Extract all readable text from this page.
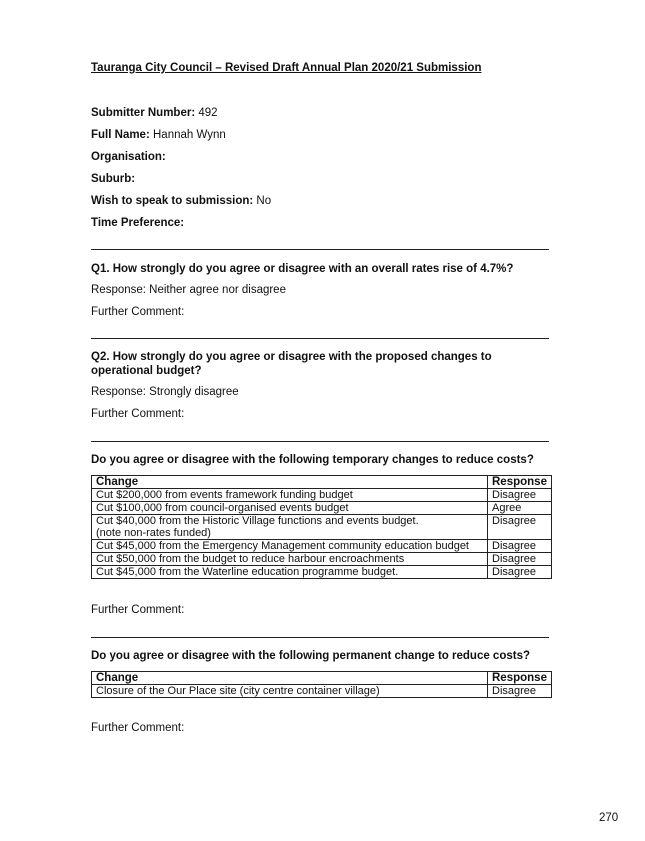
Tauranga City Council – Revised Draft Annual Plan 2020/21 Submission
Submitter Number: 492
Full Name: Hannah Wynn
Organisation:
Suburb:
Wish to speak to submission: No
Time Preference:
Q1. How strongly do you agree or disagree with an overall rates rise of 4.7%?
Response: Neither agree nor disagree
Further Comment:
Q2. How strongly do you agree or disagree with the proposed changes to operational budget?
Response: Strongly disagree
Further Comment:
Do you agree or disagree with the following temporary changes to reduce costs?
Change	Response
Cut $200,000 from events framework funding budget	Disagree
Cut $100,000 from council-organised events budget	Agree

Cut $40,000 from the Historic Village functions and events budget.
(note non-rates funded)	Disagree
Cut $45,000 from the Emergency Management community education budget	Disagree
Cut $50,000 from the budget to reduce harbour encroachments	Disagree
Cut $45,000 from the Waterline education programme budget.	Disagree
Further Comment:
Do you agree or disagree with the following permanent change to reduce costs?
Change	Response
Closure of the Our Place site (city centre container village)	Disagree
Further Comment:
270
